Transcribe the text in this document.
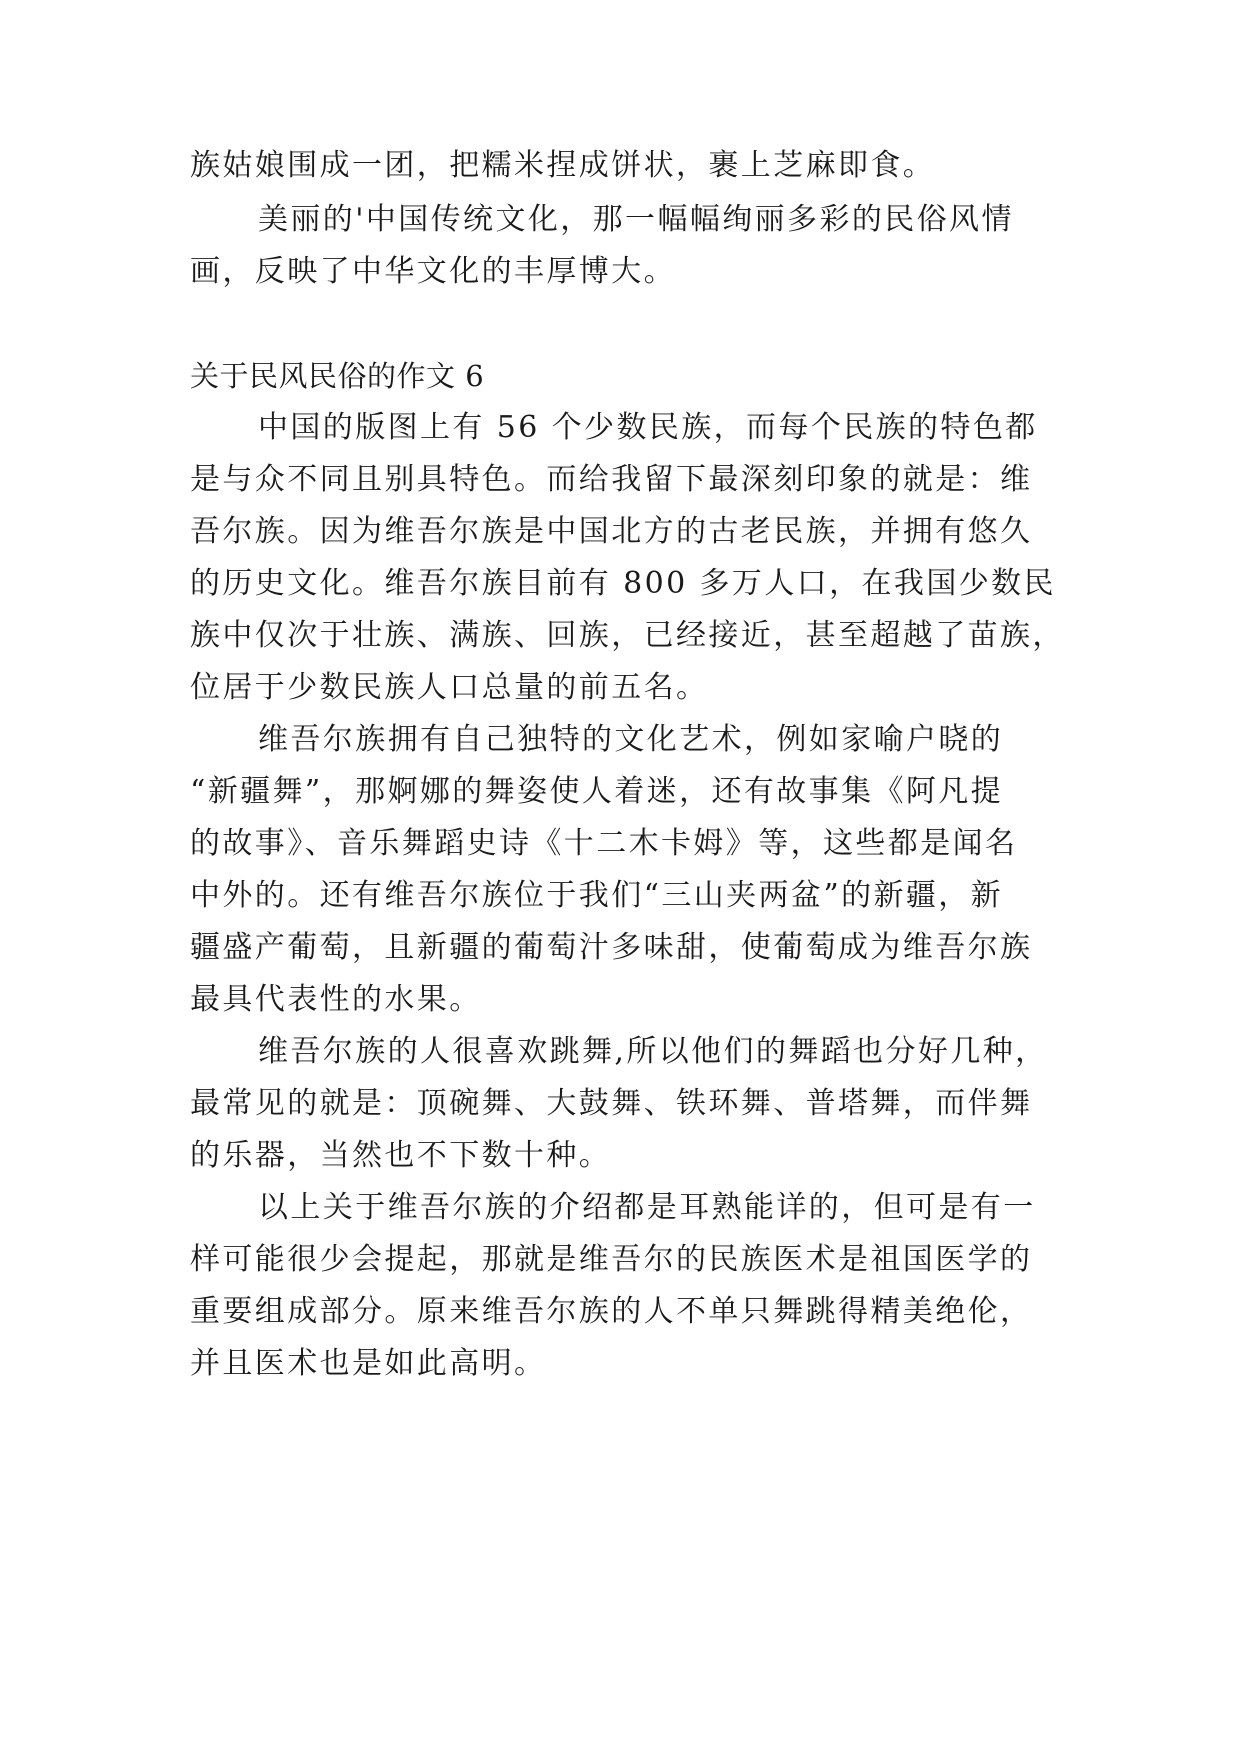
族姑娘围成一团，把糯米捏成饼状，裹上芝麻即食。

美丽的'中国传统文化，那一幅幅绚丽多彩的民俗风情

画，反映了中华文化的丰厚博大。

关于民风民俗的作文 6

中国的版图上有 56 个少数民族，而每个民族的特色都

是与众不同且别具特色。而给我留下最深刻印象的就是：维

吾尔族。因为维吾尔族是中国北方的古老民族，并拥有悠久

的历史文化。维吾尔族目前有 800 多万人口，在我国少数民

族中仅次于壮族、满族、回族，已经接近，甚至超越了苗族，

位居于少数民族人口总量的前五名。

维吾尔族拥有自己独特的文化艺术，例如家喻户晓的

“新疆舞”，那婀娜的舞姿使人着迷，还有故事集《阿凡提

的故事》、音乐舞蹈史诗《十二木卡姆》等，这些都是闻名

中外的。还有维吾尔族位于我们“三山夹两盆”的新疆，新

疆盛产葡萄，且新疆的葡萄汁多味甜，使葡萄成为维吾尔族

最具代表性的水果。

维吾尔族的人很喜欢跳舞,所以他们的舞蹈也分好几种，

最常见的就是：顶碗舞、大鼓舞、铁环舞、普塔舞，而伴舞

的乐器，当然也不下数十种。

以上关于维吾尔族的介绍都是耳熟能详的，但可是有一

样可能很少会提起，那就是维吾尔的民族医术是祖国医学的

重要组成部分。原来维吾尔族的人不单只舞跳得精美绝伦，

并且医术也是如此高明。
